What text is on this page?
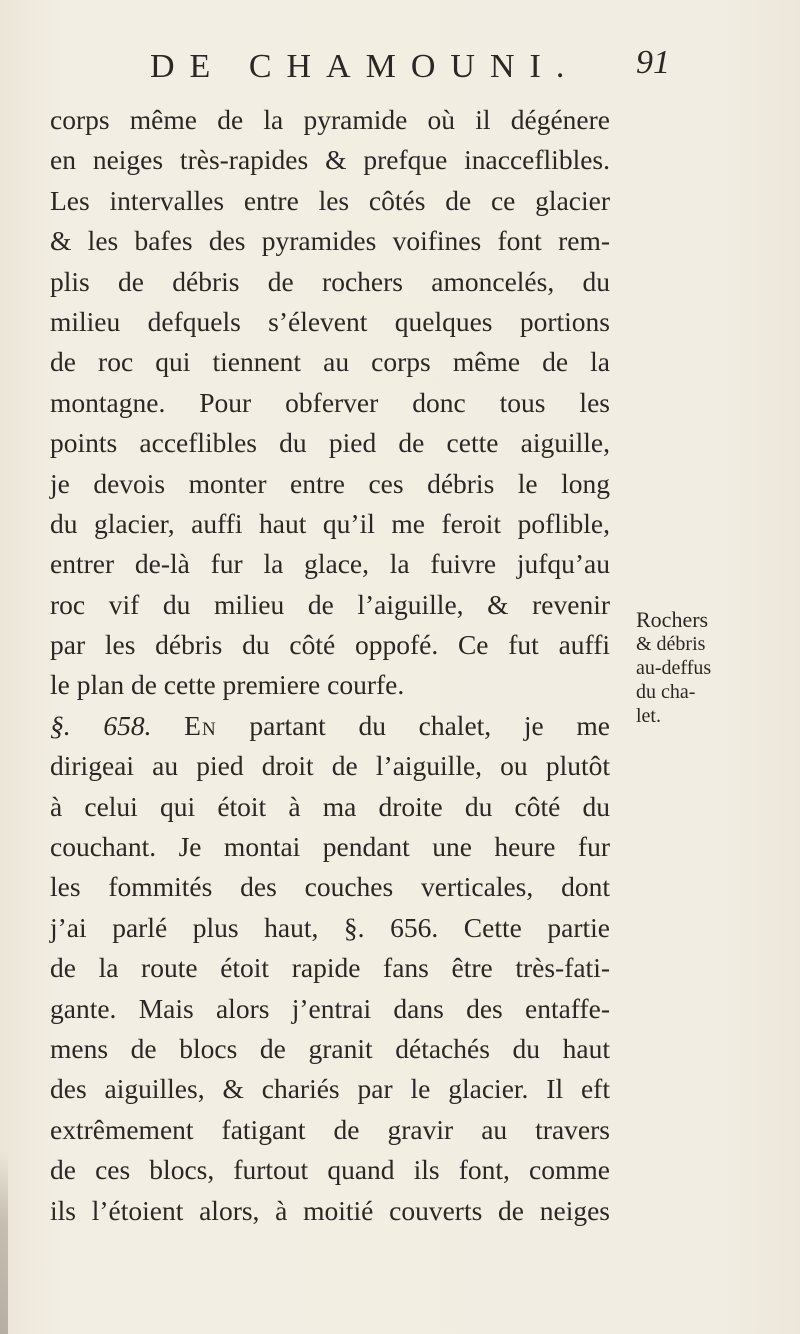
DE CHAMOUNI. 91
corps même de la pyramide où il dégénere
en neiges très-rapides & prefque inacceflibles.
Les intervalles entre les côtés de ce glacier
& les bafes des pyramides voifines font rem-
plis de débris de rochers amoncelés, du
milieu defquels s’élevent quelques portions
de roc qui tiennent au corps même de la
montagne. Pour obferver donc tous les
points acceflibles du pied de cette aiguille,
je devois monter entre ces débris le long
du glacier, auffi haut qu’il me feroit poflible,
entrer de-là fur la glace, la fuivre jufqu’au
roc vif du milieu de l’aiguille, & revenir
par les débris du côté oppofé. Ce fut auffi
le plan de cette premiere courfe.
§. 658. En partant du chalet, je me
dirigeai au pied droit de l’aiguille, ou plutôt
à celui qui étoit à ma droite du côté du
couchant. Je montai pendant une heure fur
les fommités des couches verticales, dont
j’ai parlé plus haut, §. 656. Cette partie
de la route étoit rapide fans être très-fati-
gante. Mais alors j’entrai dans des entaffe-
mens de blocs de granit détachés du haut
des aiguilles, & chariés par le glacier. Il eft
extrêmement fatigant de gravir au travers
de ces blocs, furtout quand ils font, comme
ils l’étoient alors, à moitié couverts de neiges
Rochers
& débris
au-deffus
du cha-
let.
